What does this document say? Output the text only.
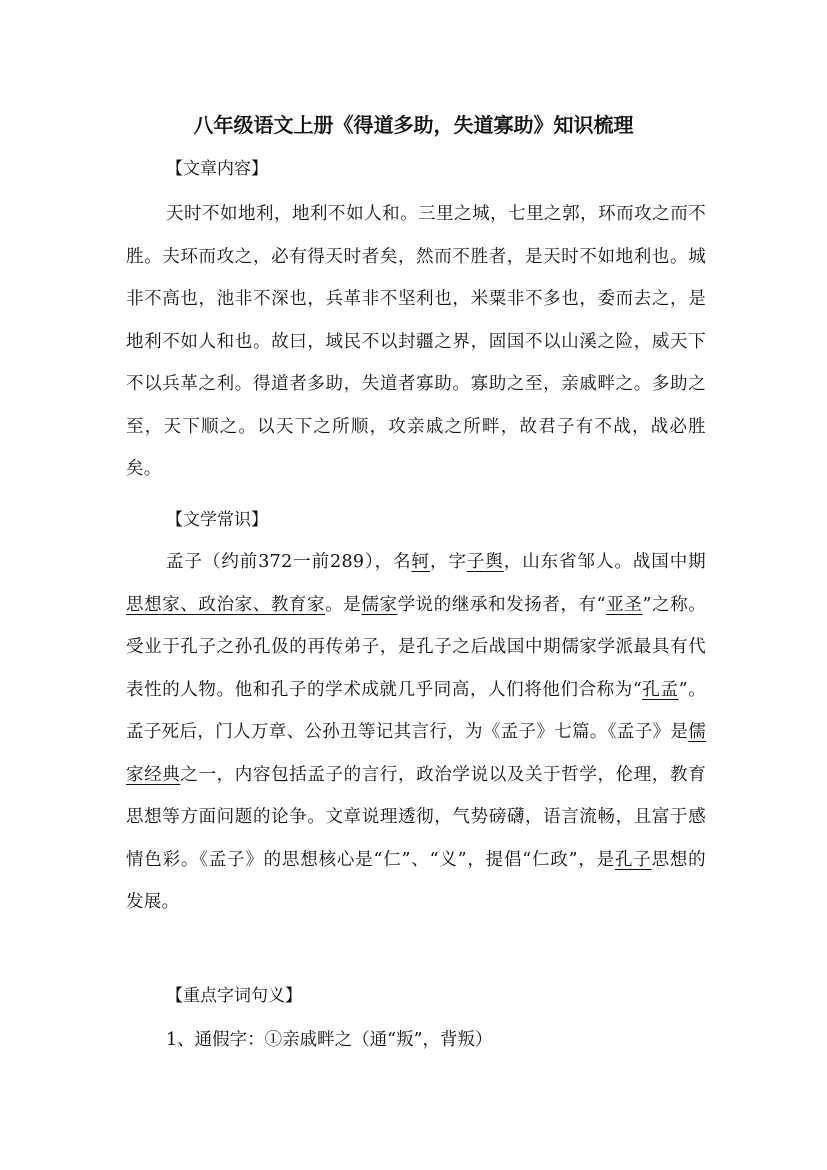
八年级语文上册《得道多助，失道寡助》知识梳理

【文章内容】

天时不如地利，地利不如人和。三里之城，七里之郭，环而攻之而不胜。夫环而攻之，必有得天时者矣，然而不胜者，是天时不如地利也。城非不高也，池非不深也，兵革非不坚利也，米粟非不多也，委而去之，是地利不如人和也。故曰，域民不以封疆之界，固国不以山溪之险，威天下不以兵革之利。得道者多助，失道者寡助。寡助之至，亲戚畔之。多助之至，天下顺之。以天下之所顺，攻亲戚之所畔，故君子有不战，战必胜矣。

【文学常识】

孟子（约前372一前289），名轲，字子舆，山东省邹人。战国中期思想家、政治家、教育家。是儒家学说的继承和发扬者，有“亚圣”之称。受业于孔子之孙孔伋的再传弟子，是孔子之后战国中期儒家学派最具有代表性的人物。他和孔子的学术成就几乎同高，人们将他们合称为“孔孟”。孟子死后，门人万章、公孙丑等记其言行，为《孟子》七篇。《孟子》是儒家经典之一，内容包括孟子的言行，政治学说以及关于哲学，伦理，教育思想等方面问题的论争。文章说理透彻，气势磅礴，语言流畅，且富于感情色彩。《孟子》的思想核心是“仁”、“义”，提倡“仁政”，是孔子思想的发展。

【重点字词句义】

1、通假字：①亲戚畔之（通“叛”，背叛）
